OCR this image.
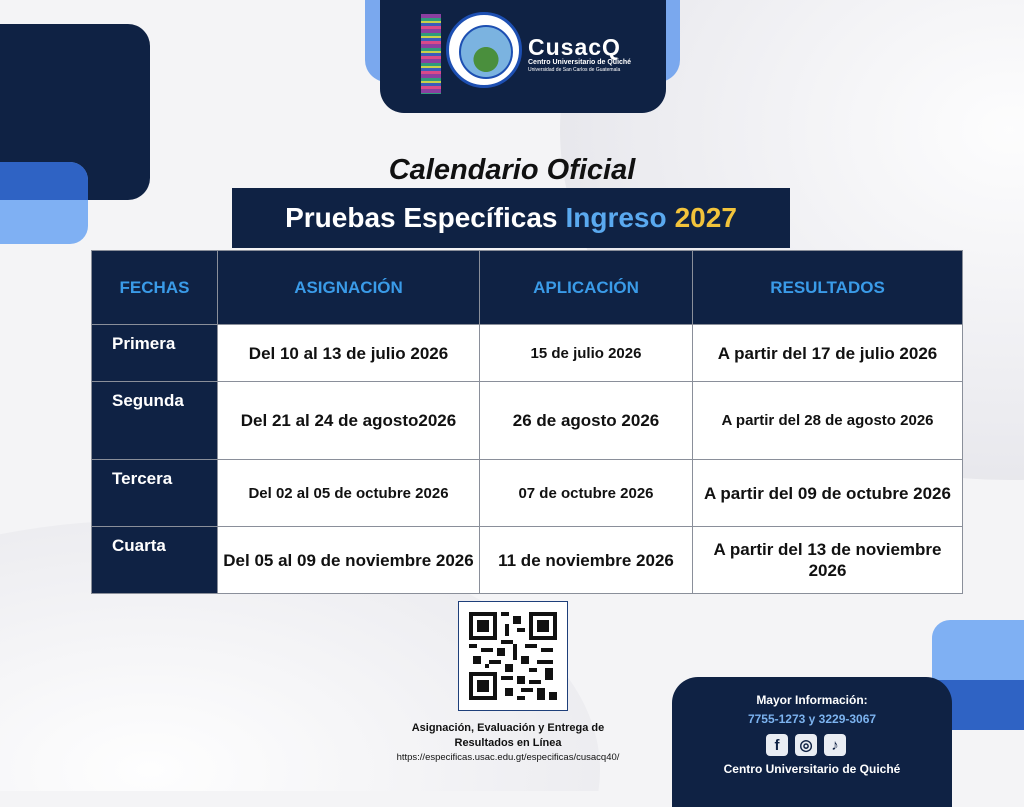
CusacQ
Centro Universitario de Quiché
Universidad de San Carlos de Guatemala
Calendario Oficial
Pruebas Específicas Ingreso 2027
FECHAS	ASIGNACIÓN	APLICACIÓN	RESULTADOS

Primera	Del 10 al 13 de julio 2026	15 de julio 2026	A partir del 17 de julio 2026

Segunda	Del 21 al 24 de agosto2026	26 de agosto 2026	A partir del 28 de agosto 2026

Tercera	Del 02 al 05 de octubre 2026	07 de octubre 2026	A partir del 09 de octubre 2026

Cuarta	Del 05 al 09 de noviembre 2026	11 de noviembre 2026	A partir del 13 de noviembre 2026
Asignación, Evaluación y Entrega de Resultados en Línea
https://especificas.usac.edu.gt/especificas/cusacq40/
Mayor Información:
7755-1273 y 3229-3067
f	◎	♪
Centro Universitario de Quiché
